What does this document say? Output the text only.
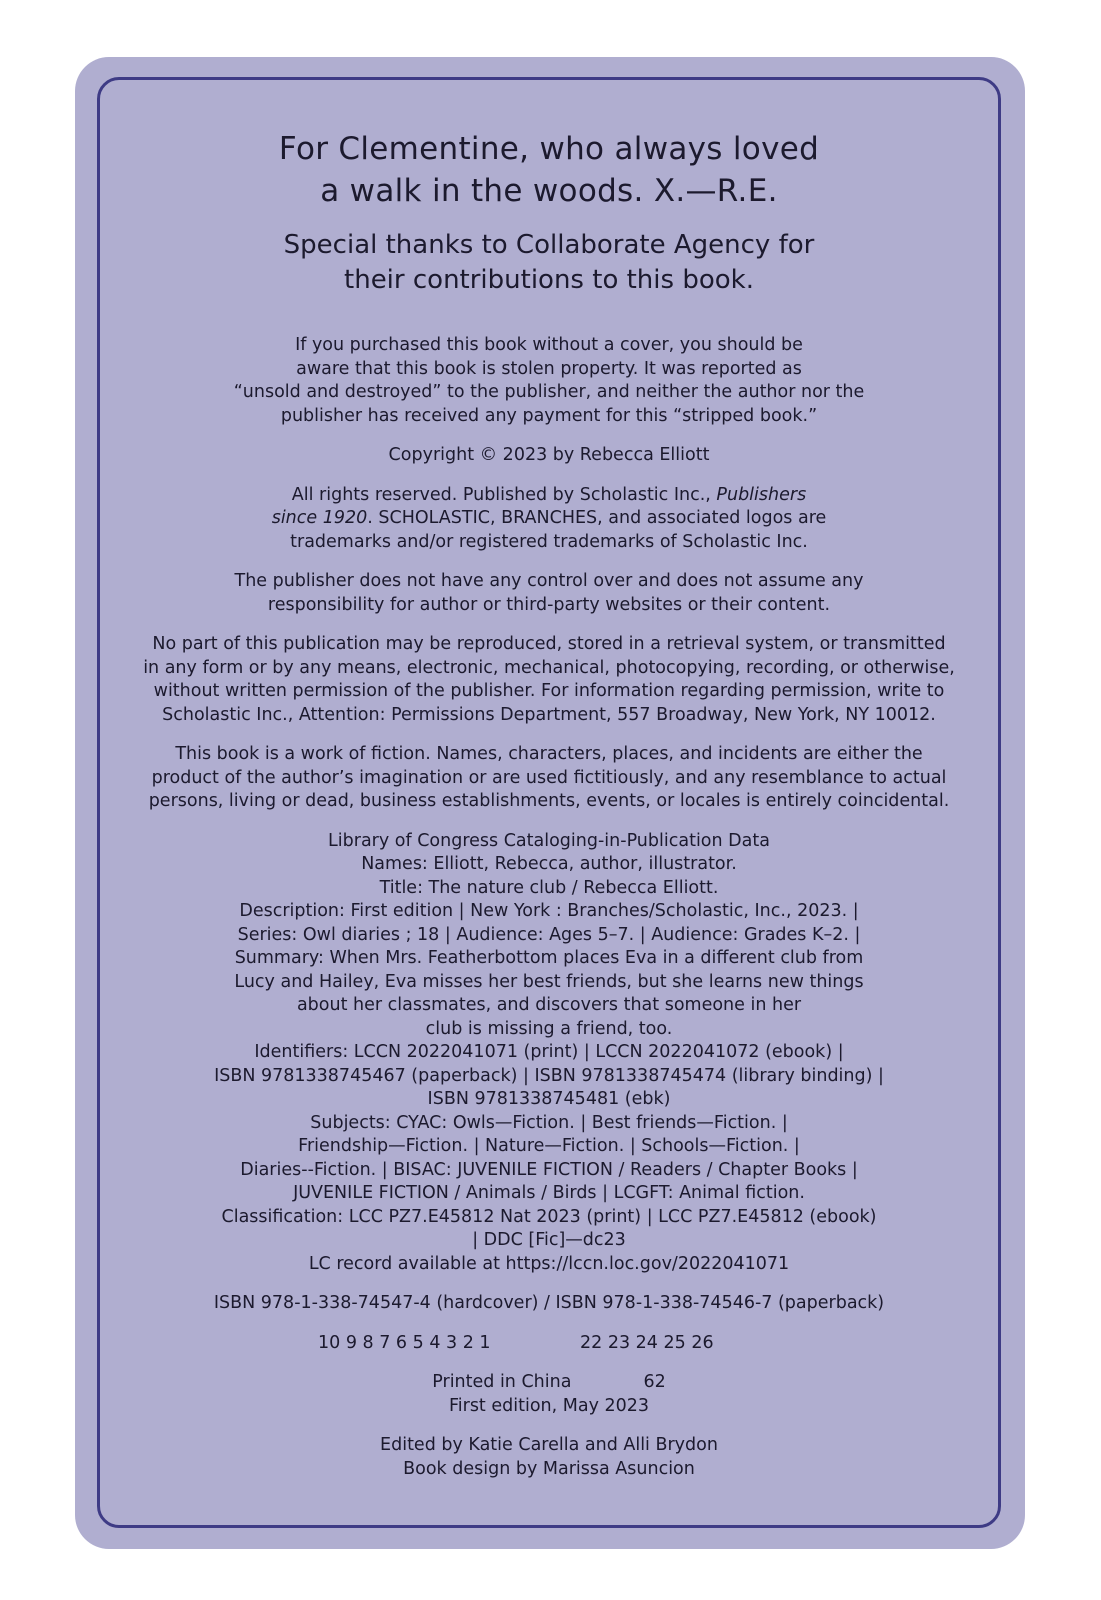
For Clementine, who always loved
a walk in the woods. X.—R.E.
Special thanks to Collaborate Agency for
their contributions to this book.
If you purchased this book without a cover, you should be
aware that this book is stolen property. It was reported as
“unsold and destroyed” to the publisher, and neither the author nor the
publisher has received any payment for this “stripped book.”
Copyright © 2023 by Rebecca Elliott
All rights reserved. Published by Scholastic Inc., Publishers
since 1920. SCHOLASTIC, BRANCHES, and associated logos are
trademarks and/or registered trademarks of Scholastic Inc.
The publisher does not have any control over and does not assume any
responsibility for author or third-party websites or their content.
No part of this publication may be reproduced, stored in a retrieval system, or transmitted
in any form or by any means, electronic, mechanical, photocopying, recording, or otherwise,
without written permission of the publisher. For information regarding permission, write to
Scholastic Inc., Attention: Permissions Department, 557 Broadway, New York, NY 10012.
This book is a work of fiction. Names, characters, places, and incidents are either the
product of the author’s imagination or are used fictitiously, and any resemblance to actual
persons, living or dead, business establishments, events, or locales is entirely coincidental.
Library of Congress Cataloging-in-Publication Data
Names: Elliott, Rebecca, author, illustrator.
Title: The nature club / Rebecca Elliott.
Description: First edition | New York : Branches/Scholastic, Inc., 2023. |
Series: Owl diaries ; 18 | Audience: Ages 5–7. | Audience: Grades K–2. |
Summary: When Mrs. Featherbottom places Eva in a different club from
Lucy and Hailey, Eva misses her best friends, but she learns new things
about her classmates, and discovers that someone in her
club is missing a friend, too.
Identifiers: LCCN 2022041071 (print) | LCCN 2022041072 (ebook) |
ISBN 9781338745467 (paperback) | ISBN 9781338745474 (library binding) |
ISBN 9781338745481 (ebk)
Subjects: CYAC: Owls—Fiction. | Best friends—Fiction. |
Friendship—Fiction. | Nature—Fiction. | Schools—Fiction. |
Diaries--Fiction. | BISAC: JUVENILE FICTION / Readers / Chapter Books |
JUVENILE FICTION / Animals / Birds | LCGFT: Animal fiction.
Classification: LCC PZ7.E45812 Nat 2023 (print) | LCC PZ7.E45812 (ebook)
| DDC [Fic]—dc23
LC record available at https://lccn.loc.gov/2022041071
ISBN 978-1-338-74547-4 (hardcover) / ISBN 978-1-338-74546-7 (paperback)
10 9 8 7 6 5 4 3 2 1	22 23 24 25 26
Printed in China	62
First edition, May 2023
Edited by Katie Carella and Alli Brydon
Book design by Marissa Asuncion
